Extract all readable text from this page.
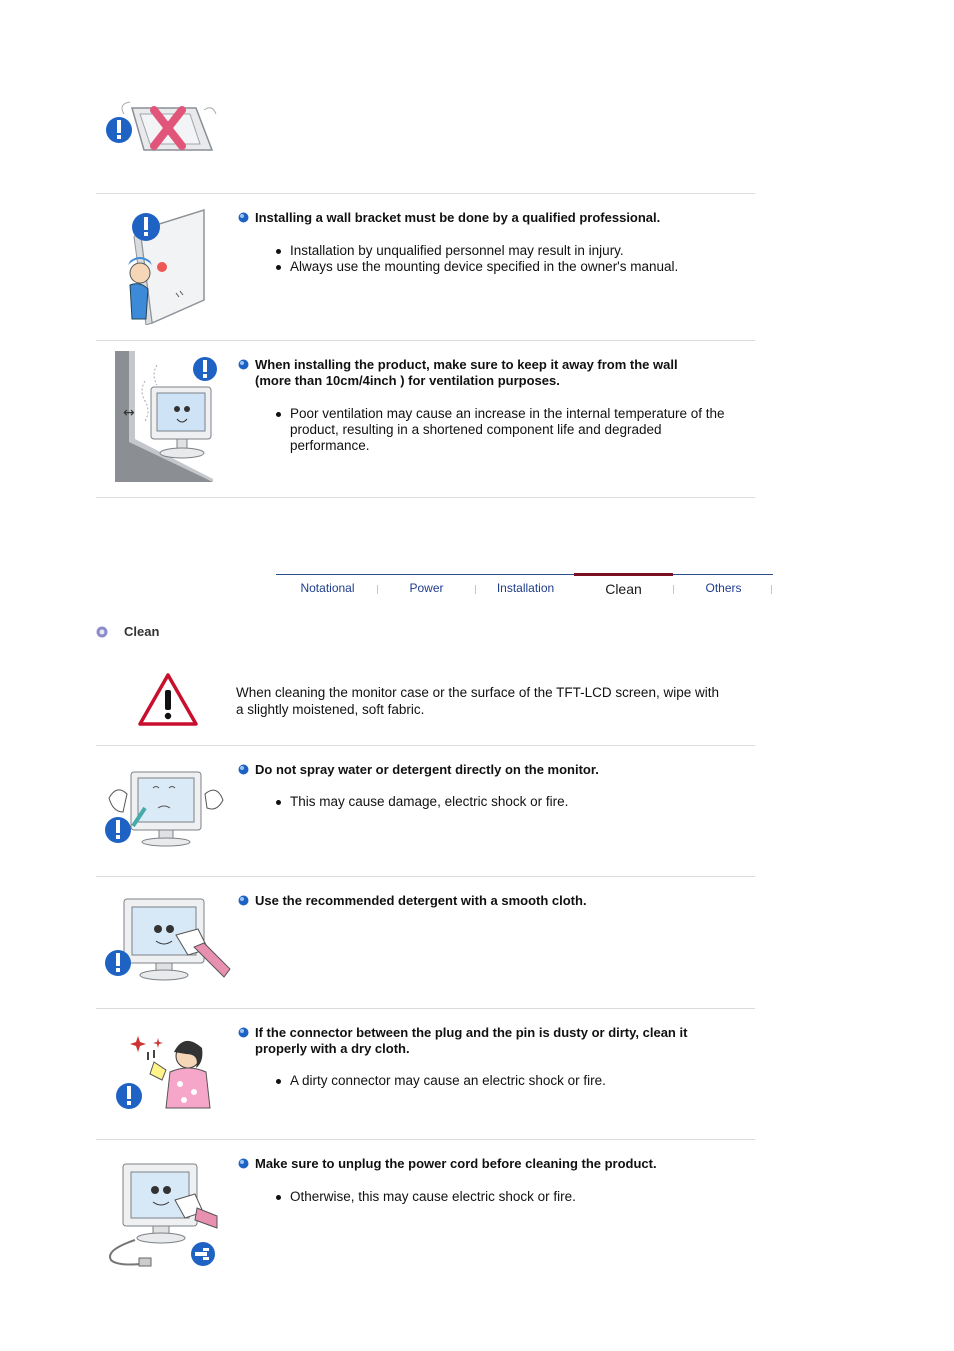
Installing a wall bracket must be done by a qualified professional.
Installation by unqualified personnel may result in injury.
Always use the mounting device specified in the owner's manual.
↔
When installing the product, make sure to keep it away from the wall
(more than 10cm/4inch ) for ventilation purposes.
Poor ventilation may cause an increase in the internal temperature of the
product, resulting in a shortened component life and degraded
performance.
Notational	Power	Installation	Clean	Others
Clean
When cleaning the monitor case or the surface of the TFT-LCD screen, wipe with
a slightly moistened, soft fabric.
Do not spray water or detergent directly on the monitor.
This may cause damage, electric shock or fire.
Use the recommended detergent with a smooth cloth.
If the connector between the plug and the pin is dusty or dirty, clean it
properly with a dry cloth.
A dirty connector may cause an electric shock or fire.
Make sure to unplug the power cord before cleaning the product.
Otherwise, this may cause electric shock or fire.
